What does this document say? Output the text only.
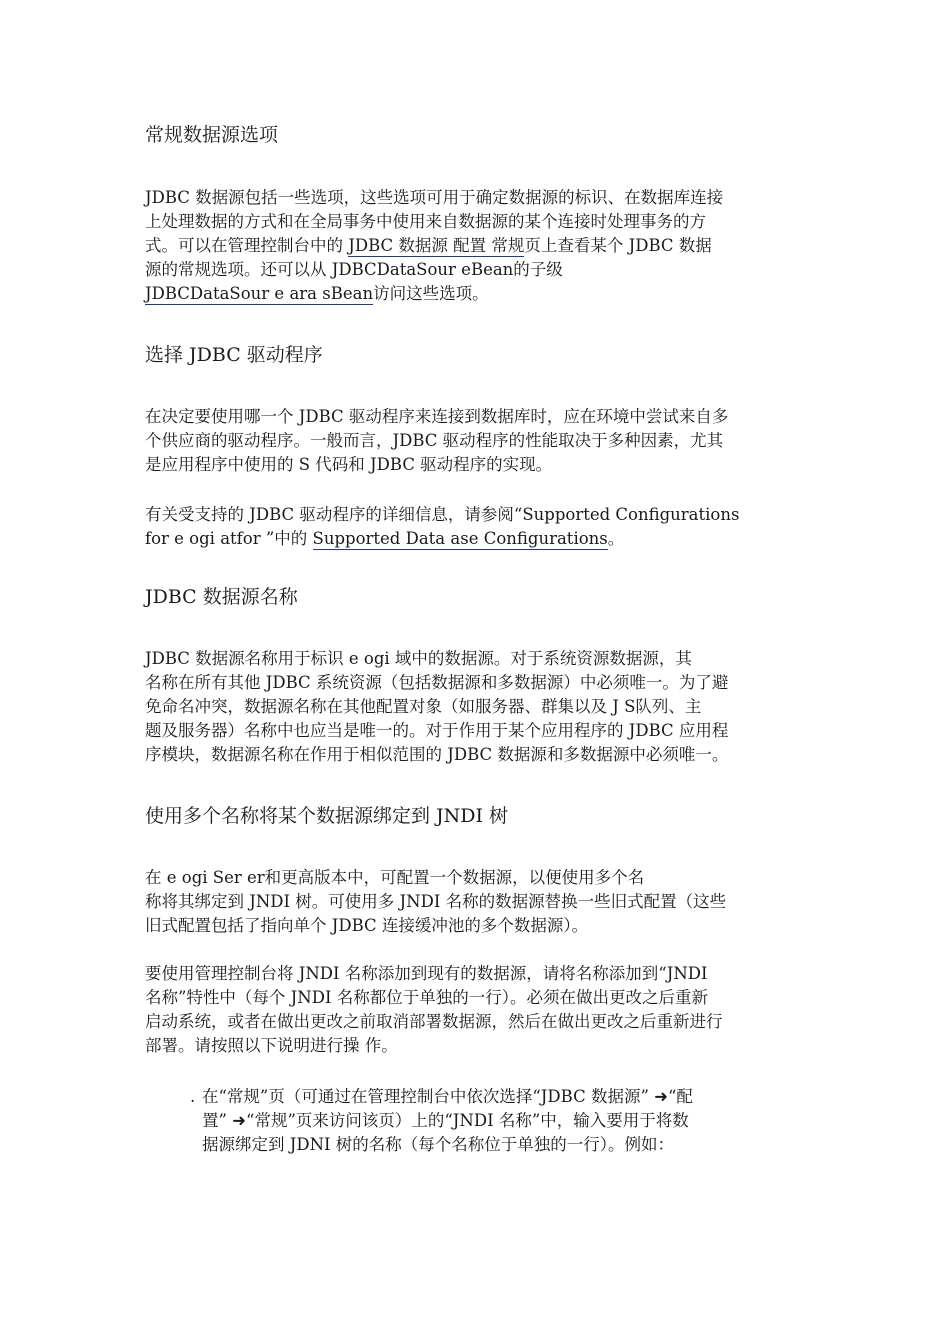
常规数据源选项
JDBC 数据源包括一些选项，这些选项可用于确定数据源的标识、在数据库连接
上处理数据的方式和在全局事务中使用来自数据源的某个连接时处理事务的方
式。可以在管理控制台中的 JDBC 数据源 配置 常规页上查看某个 JDBC 数据
源的常规选项。还可以从 JDBCDataSour eBean的子级
JDBCDataSour e ara sBean访问这些选项。
选择 JDBC 驱动程序
在决定要使用哪一个 JDBC 驱动程序来连接到数据库时，应在环境中尝试来自多
个供应商的驱动程序。一般而言，JDBC 驱动程序的性能取决于多种因素，尤其
是应用程序中使用的 S 代码和 JDBC 驱动程序的实现。
有关受支持的 JDBC 驱动程序的详细信息，请参阅“Supported Configurations
for e ogi atfor ”中的 Supported Data ase Configurations。
JDBC 数据源名称
JDBC 数据源名称用于标识 e ogi 域中的数据源。对于系统资源数据源，其
名称在所有其他 JDBC 系统资源（包括数据源和多数据源）中必须唯一。为了避
免命名冲突，数据源名称在其他配置对象（如服务器、群集以及 J S队列、主
题及服务器）名称中也应当是唯一的。对于作用于某个应用程序的 JDBC 应用程
序模块，数据源名称在作用于相似范围的 JDBC 数据源和多数据源中必须唯一。
使用多个名称将某个数据源绑定到 JNDI 树
在 e ogi Ser er和更高版本中，可配置一个数据源，以便使用多个名
称将其绑定到 JNDI 树。可使用多 JNDI 名称的数据源替换一些旧式配置（这些
旧式配置包括了指向单个 JDBC 连接缓冲池的多个数据源）。
要使用管理控制台将 JNDI 名称添加到现有的数据源，请将名称添加到“JNDI
名称”特性中（每个 JNDI 名称都位于单独的一行）。必须在做出更改之后重新
启动系统，或者在做出更改之前取消部署数据源，然后在做出更改之后重新进行
部署。请按照以下说明进行操 作。
. 在“常规”页（可通过在管理控制台中依次选择“JDBC 数据源” ➜“配
置” ➜“常规”页来访问该页）上的“JNDI 名称”中，输入要用于将数
据源绑定到 JDNI 树的名称（每个名称位于单独的一行）。例如：
